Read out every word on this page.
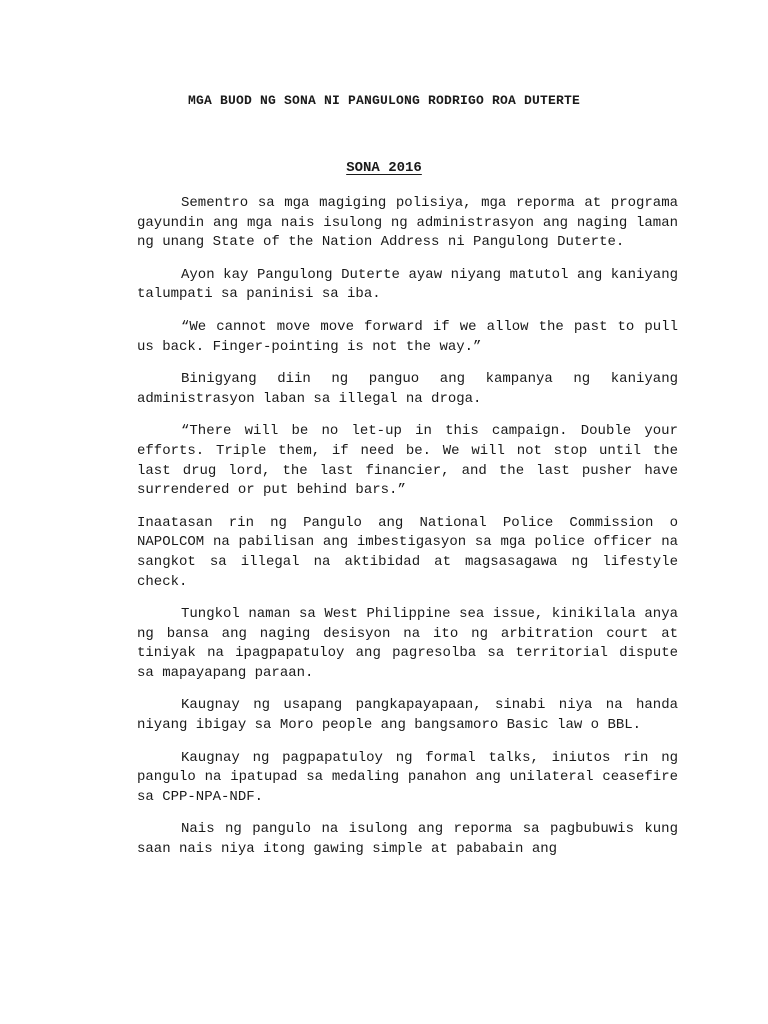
MGA BUOD NG SONA NI PANGULONG RODRIGO ROA DUTERTE
SONA 2016

Sementro sa mga magiging polisiya, mga reporma at programa gayundin ang mga nais isulong ng administrasyon ang naging laman ng unang State of the Nation Address ni Pangulong Duterte.

Ayon kay Pangulong Duterte ayaw niyang matutol ang kaniyang talumpati sa paninisi sa iba.

“We cannot move move forward if we allow the past to pull us back. Finger-pointing is not the way.”

Binigyang diin ng panguo ang kampanya ng kaniyang administrasyon laban sa illegal na droga.

“There will be no let-up in this campaign. Double your efforts. Triple them, if need be. We will not stop until the last drug lord, the last financier, and the last pusher have surrendered or put behind bars.”

Inaatasan rin ng Pangulo ang National Police Commission o NAPOLCOM na pabilisan ang imbestigasyon sa mga police officer na sangkot sa illegal na aktibidad at magsasagawa ng lifestyle check.

Tungkol naman sa West Philippine sea issue, kinikilala anya ng bansa ang naging desisyon na ito ng arbitration court at tiniyak na ipagpapatuloy ang pagresolba sa territorial dispute sa mapayapang paraan.

Kaugnay ng usapang pangkapayapaan, sinabi niya na handa niyang ibigay sa Moro people ang bangsamoro Basic law o BBL.

Kaugnay ng pagpapatuloy ng formal talks, iniutos rin ng pangulo na ipatupad sa medaling panahon ang unilateral ceasefire sa CPP-NPA-NDF.

Nais ng pangulo na isulong ang reporma sa pagbubuwis kung saan nais niya itong gawing simple at pababain ang
